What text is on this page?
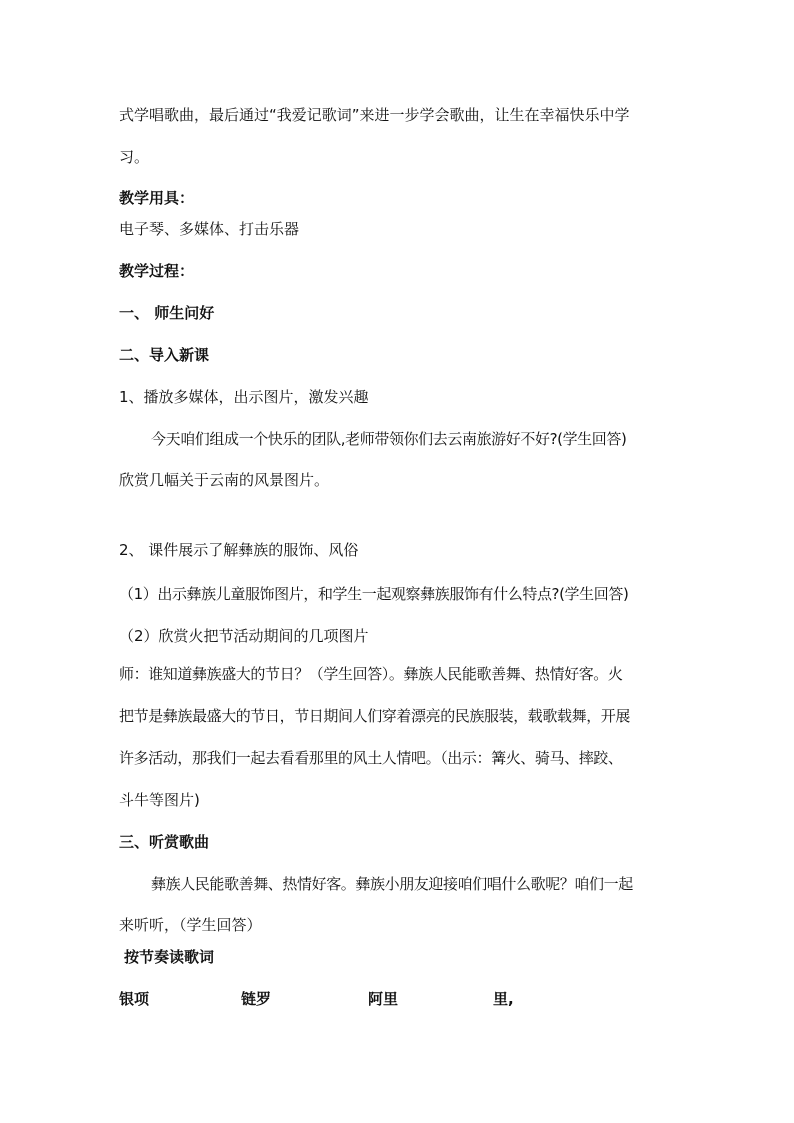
式学唱歌曲，最后通过“我爱记歌词”来进一步学会歌曲，让生在幸福快乐中学
习。
教学用具：
电子琴、多媒体、打击乐器
教学过程：
一、 师生问好
二、导入新课
1、播放多媒体，出示图片，激发兴趣
今天咱们组成一个快乐的团队,老师带领你们去云南旅游好不好?(学生回答)
欣赏几幅关于云南的风景图片。
2、 课件展示了解彝族的服饰、风俗
（1）出示彝族儿童服饰图片，和学生一起观察彝族服饰有什么特点?(学生回答)
（2）欣赏火把节活动期间的几项图片
师：谁知道彝族盛大的节日？（学生回答）。彝族人民能歌善舞、热情好客。火
把节是彝族最盛大的节日，节日期间人们穿着漂亮的民族服装，载歌载舞，开展
许多活动，那我们一起去看看那里的风土人情吧。（出示：篝火、骑马、摔跤、
斗牛等图片)
三、听赏歌曲
彝族人民能歌善舞、热情好客。彝族小朋友迎接咱们唱什么歌呢？咱们一起
来听听，（学生回答）
按节奏读歌词
银项	链罗	阿里	里,
